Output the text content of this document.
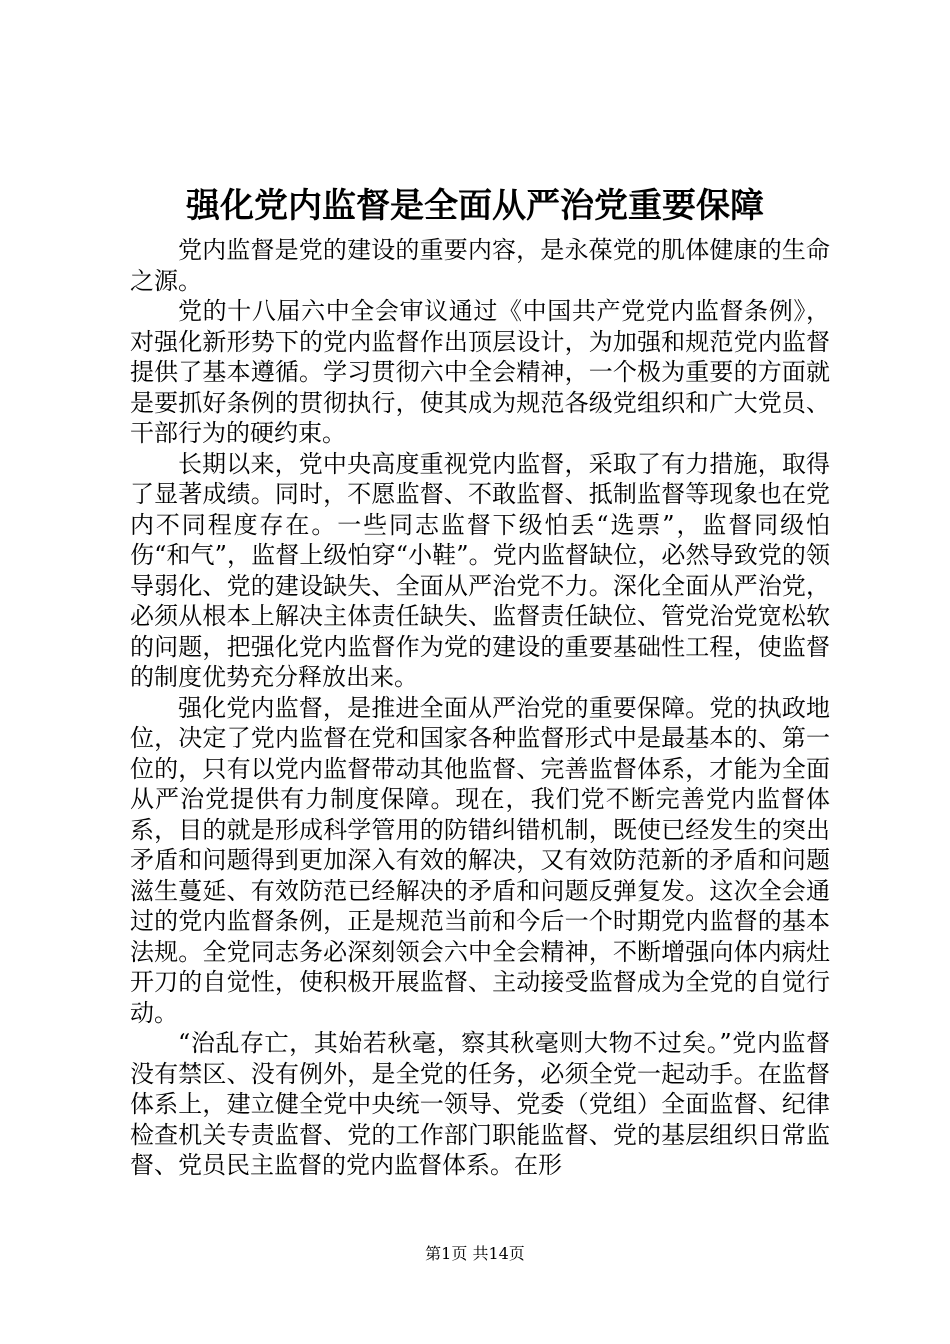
强化党内监督是全面从严治党重要保障

党内监督是党的建设的重要内容，是永葆党的肌体健康的生命之源。

党的十八届六中全会审议通过《中国共产党党内监督条例》，对强化新形势下的党内监督作出顶层设计，为加强和规范党内监督提供了基本遵循。学习贯彻六中全会精神，一个极为重要的方面就是要抓好条例的贯彻执行，使其成为规范各级党组织和广大党员、干部行为的硬约束。

长期以来，党中央高度重视党内监督，采取了有力措施，取得了显著成绩。同时，不愿监督、不敢监督、抵制监督等现象也在党内不同程度存在。一些同志监督下级怕丢“选票”，监督同级怕伤“和气”，监督上级怕穿“小鞋”。党内监督缺位，必然导致党的领导弱化、党的建设缺失、全面从严治党不力。深化全面从严治党，必须从根本上解决主体责任缺失、监督责任缺位、管党治党宽松软的问题，把强化党内监督作为党的建设的重要基础性工程，使监督的制度优势充分释放出来。

强化党内监督，是推进全面从严治党的重要保障。党的执政地位，决定了党内监督在党和国家各种监督形式中是最基本的、第一位的，只有以党内监督带动其他监督、完善监督体系，才能为全面从严治党提供有力制度保障。现在，我们党不断完善党内监督体系，目的就是形成科学管用的防错纠错机制，既使已经发生的突出矛盾和问题得到更加深入有效的解决，又有效防范新的矛盾和问题滋生蔓延、有效防范已经解决的矛盾和问题反弹复发。这次全会通过的党内监督条例，正是规范当前和今后一个时期党内监督的基本法规。全党同志务必深刻领会六中全会精神，不断增强向体内病灶开刀的自觉性，使积极开展监督、主动接受监督成为全党的自觉行动。

“治乱存亡，其始若秋毫，察其秋毫则大物不过矣。”党内监督没有禁区、没有例外，是全党的任务，必须全党一起动手。在监督体系上，建立健全党中央统一领导、党委（党组）全面监督、纪律检查机关专责监督、党的工作部门职能监督、党的基层组织日常监督、党员民主监督的党内监督体系。在形

第1页 共14页
